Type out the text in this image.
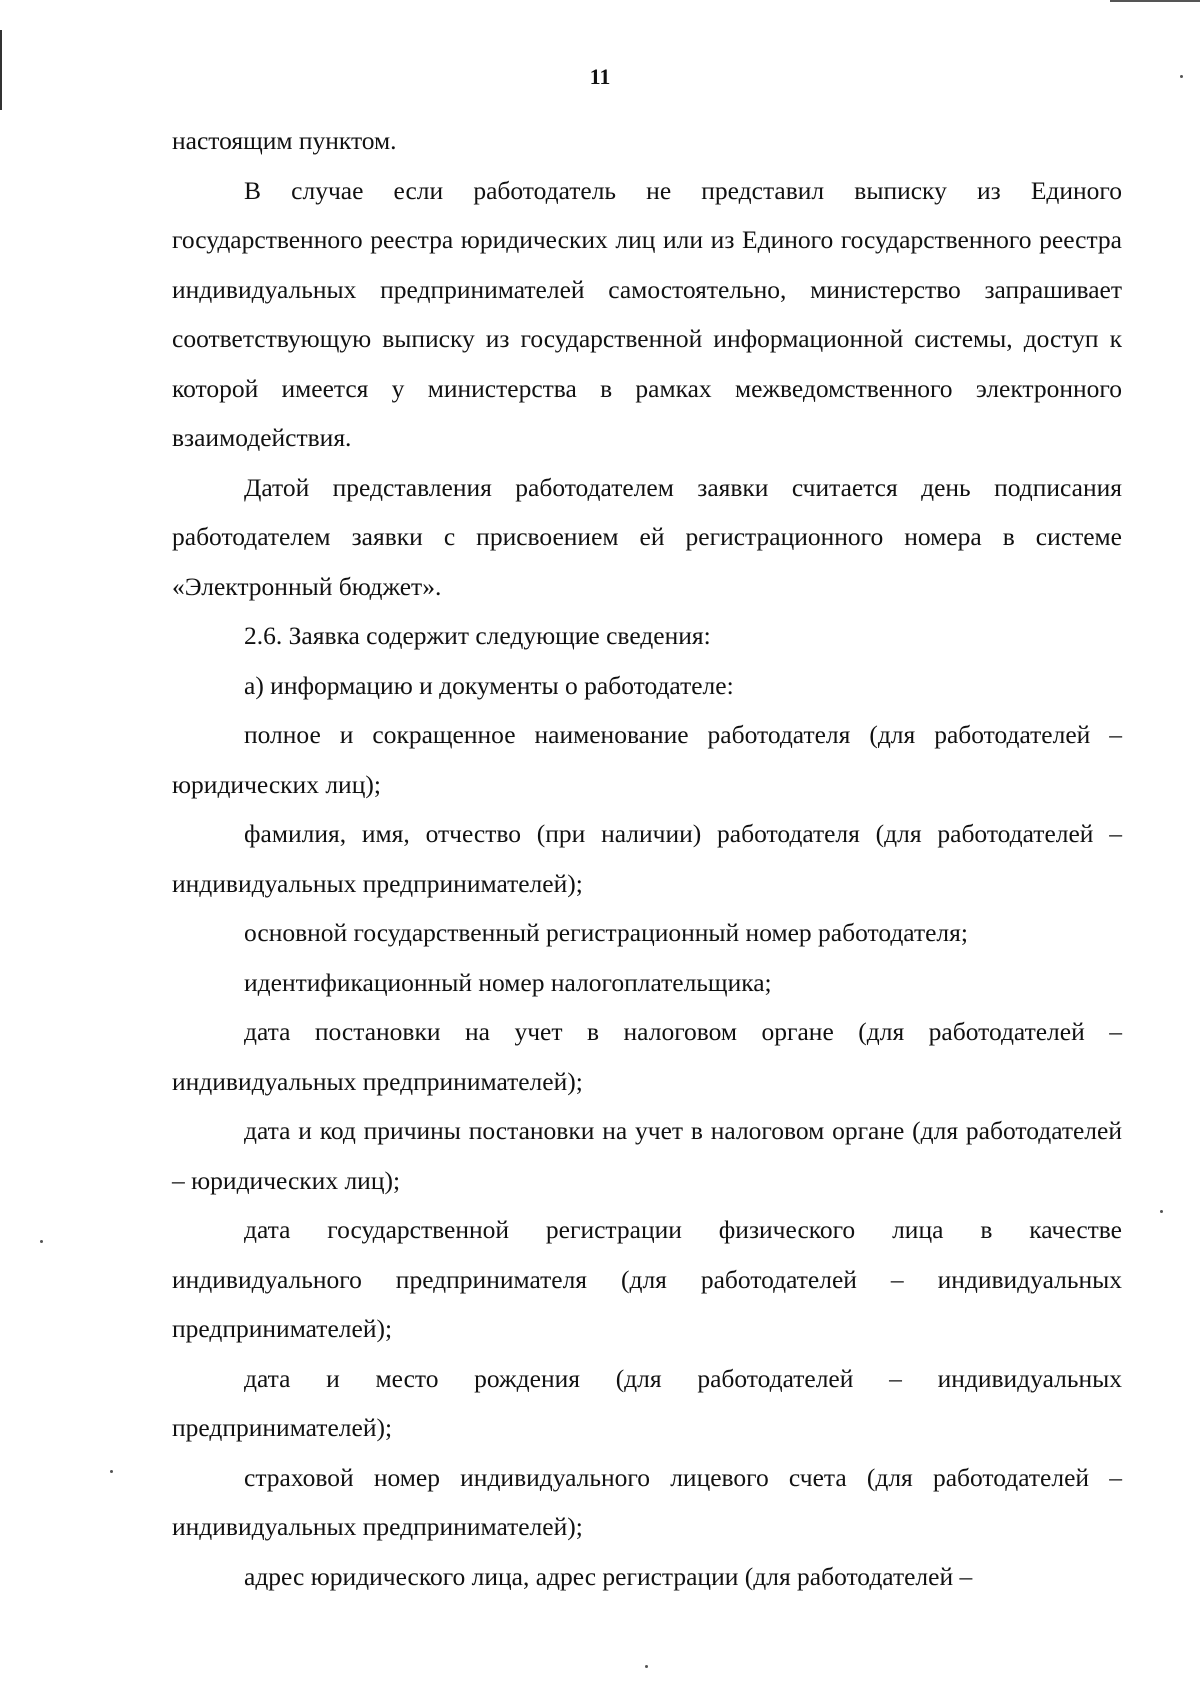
11

настоящим пунктом.

В случае если работодатель не представил выписку из Единого государственного реестра юридических лиц или из Единого государственного реестра индивидуальных предпринимателей самостоятельно, министерство запрашивает соответствующую выписку из государственной информационной системы, доступ к которой имеется у министерства в рамках межведомственного электронного взаимодействия.

Датой представления работодателем заявки считается день подписания работодателем заявки с присвоением ей регистрационного номера в системе «Электронный бюджет».

2.6. Заявка содержит следующие сведения:

а) информацию и документы о работодателе:

полное и сокращенное наименование работодателя (для работодателей – юридических лиц);

фамилия, имя, отчество (при наличии) работодателя (для работодателей – индивидуальных предпринимателей);

основной государственный регистрационный номер работодателя;

идентификационный номер налогоплательщика;

дата постановки на учет в налоговом органе (для работодателей – индивидуальных предпринимателей);

дата и код причины постановки на учет в налоговом органе (для работодателей – юридических лиц);

дата государственной регистрации физического лица в качестве индивидуального предпринимателя (для работодателей – индивидуальных предпринимателей);

дата и место рождения (для работодателей – индивидуальных предпринимателей);

страховой номер индивидуального лицевого счета (для работодателей – индивидуальных предпринимателей);

адрес юридического лица, адрес регистрации (для работодателей –
